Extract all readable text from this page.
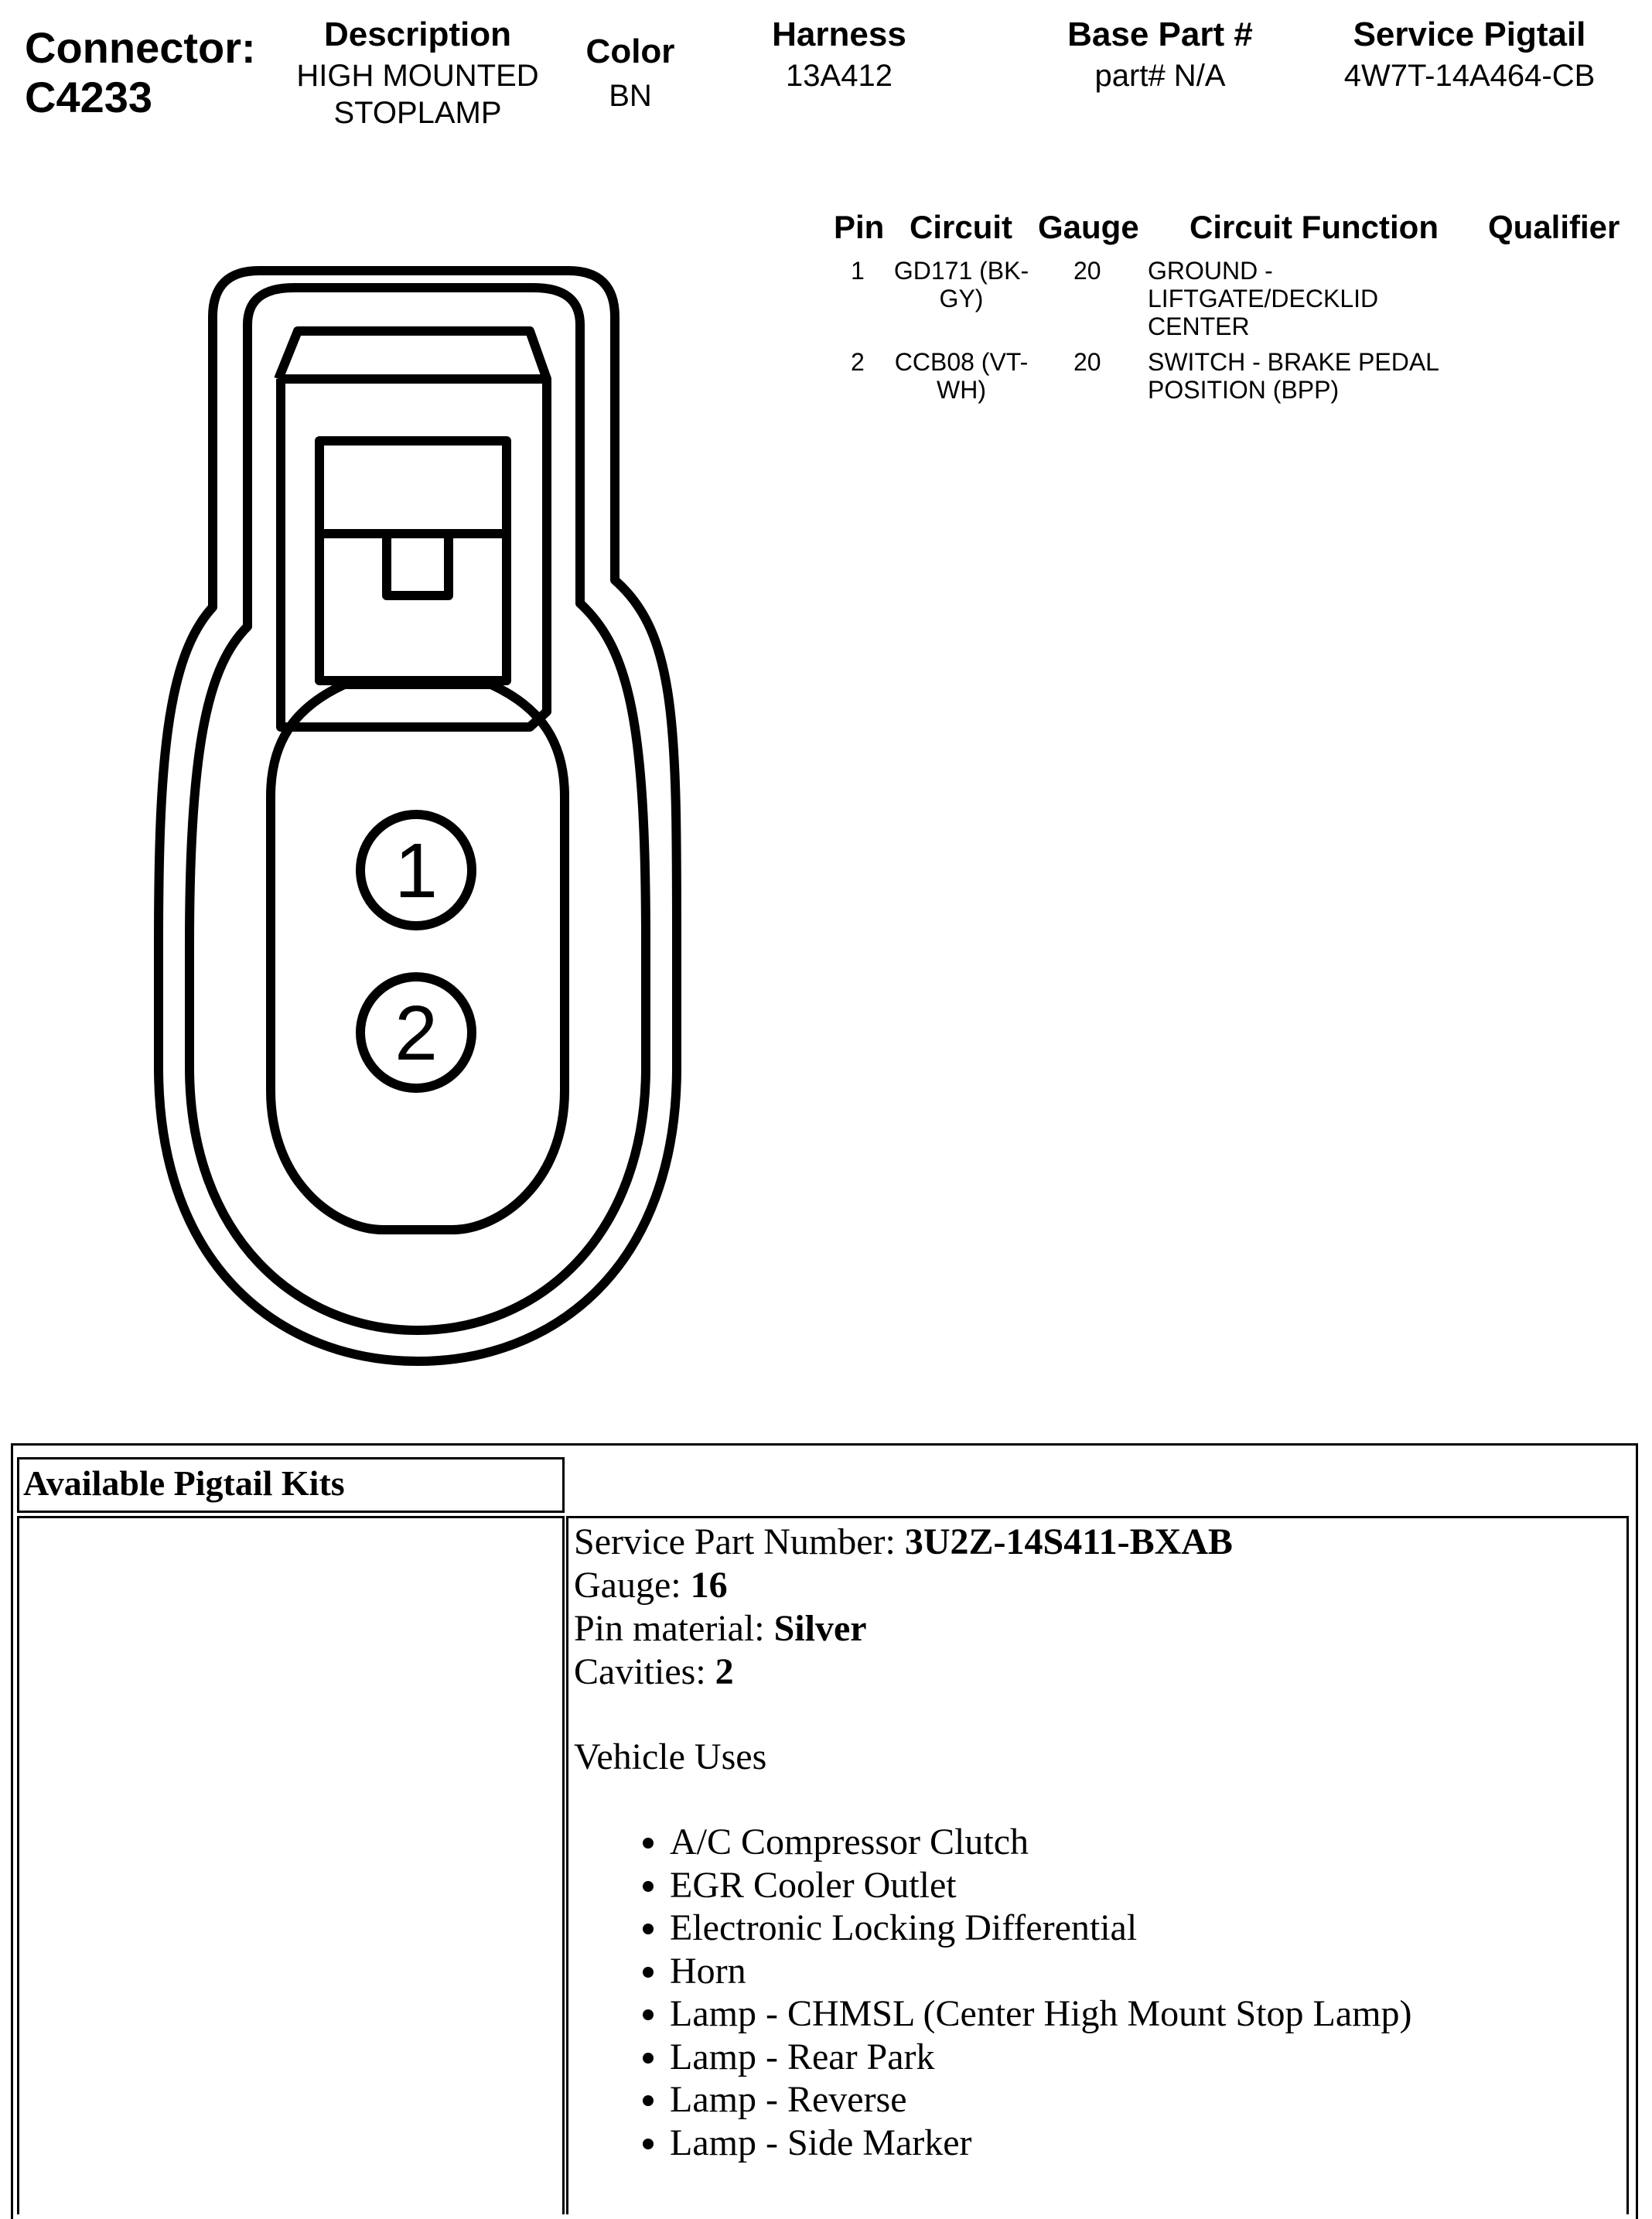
Connector:
C4233
Description
HIGH MOUNTED
STOPLAMP
Color
BN
Harness
13A412
Base Part #
part# N/A
Service Pigtail
4W7T-14A464-CB
Pin Circuit Gauge Circuit Function Qualifier
1	GD171 (BK-
GY)
20 GROUND -
LIFTGATE/DECKLID
CENTER
2	CCB08 (VT-
WH)
20 SWITCH - BRAKE PEDAL
POSITION (BPP)
1
2
Available Pigtail Kits
Service Part Number: 3U2Z-14S411-BXAB
Gauge: 16
Pin material: Silver
Cavities: 2
Vehicle Uses
• A/C Compressor Clutch
• EGR Cooler Outlet
• Electronic Locking Differential
• Horn
• Lamp - CHMSL (Center High Mount Stop Lamp)
• Lamp - Rear Park
• Lamp - Reverse
• Lamp - Side Marker
